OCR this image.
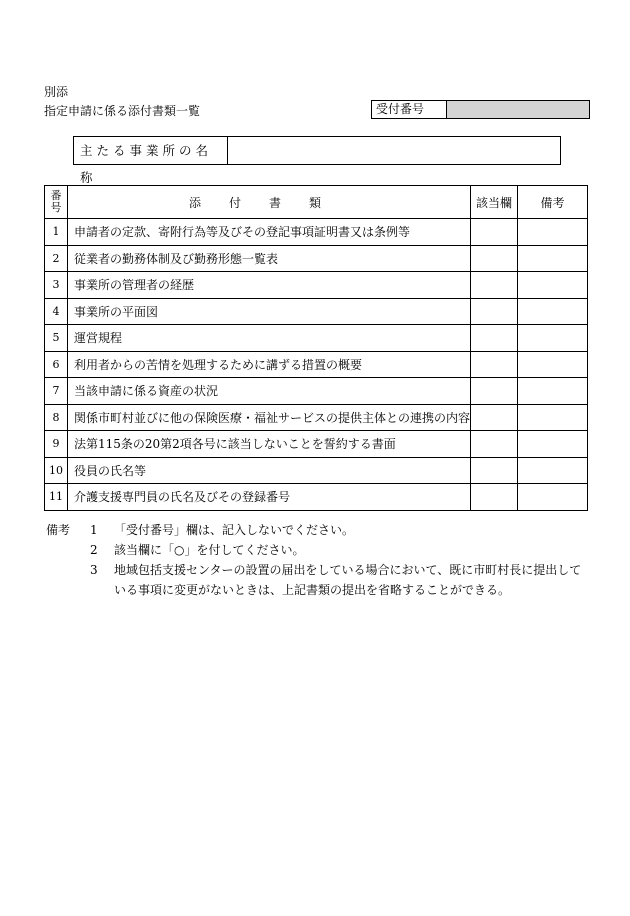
別添
指定申請に係る添付書類一覧	受付番号
主たる事業所の名称
番
号	添付書類	該当欄	備考
1	申請者の定款、寄附行為等及びその登記事項証明書又は条例等		
2	従業者の勤務体制及び勤務形態一覧表		
3	事業所の管理者の経歴		
4	事業所の平面図		
5	運営規程		
6	利用者からの苦情を処理するために講ずる措置の概要		
7	当該申請に係る資産の状況		
8	関係市町村並びに他の保険医療・福祉サービスの提供主体との連携の内容		
9	法第115条の20第2項各号に該当しないことを誓約する書面		
10	役員の氏名等		
11	介護支援専門員の氏名及びその登録番号		
備考	1	「受付番号」欄は、記入しないでください。
2	該当欄に「○」を付してください。
3	地域包括支援センターの設置の届出をしている場合において、既に市町村長に提出している事項に変更がないときは、上記書類の提出を省略することができる。
